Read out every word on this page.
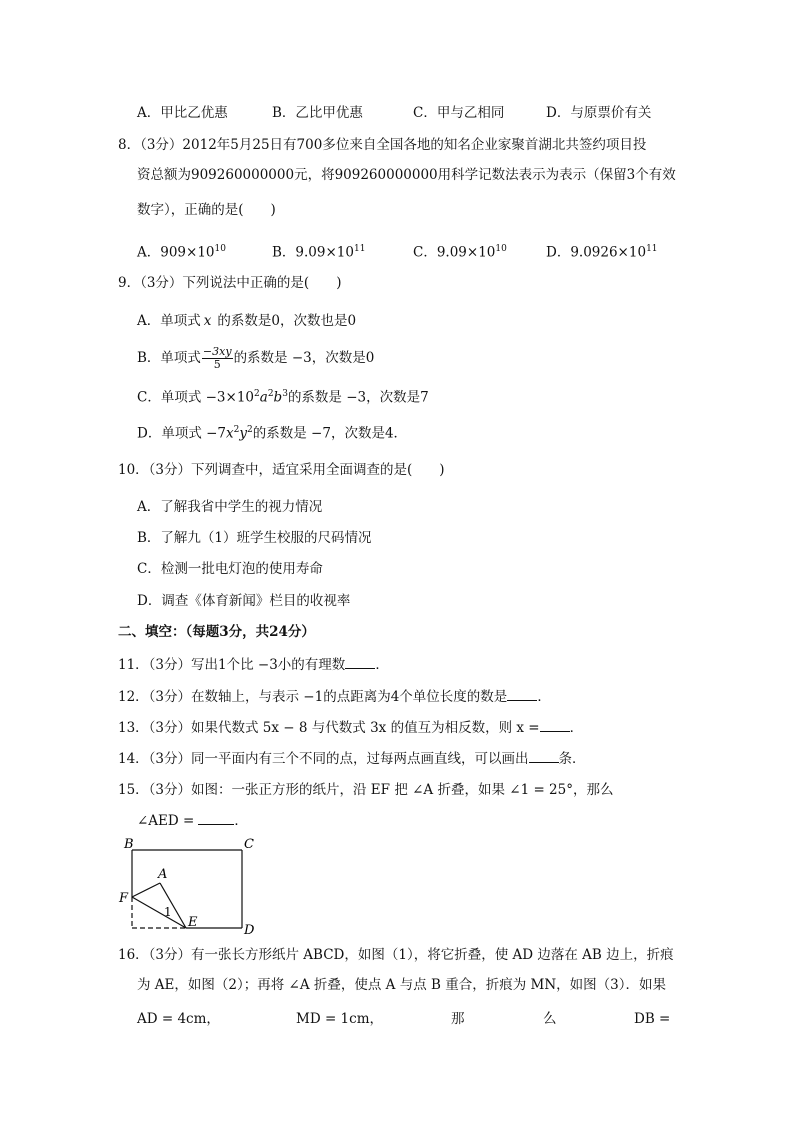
A．甲比乙优惠	B．乙比甲优惠	C．甲与乙相同	D．与原票价有关
8．（3分）2012年5月25日有700多位来自全国各地的知名企业家聚首湖北共签约项目投
资总额为909260000000元，将909260000000用科学记数法表示为表示（保留3个有效
数字），正确的是(　　)
A．$909\times 10^{10}$	B．$9.09\times 10^{11}$	C．$9.09\times 10^{10}$	D．$9.0926\times 10^{11}$
9．（3分）下列说法中正确的是(　　)
A．单项式 x 的系数是0，次数也是0
B．单项式 $\frac{-3xy}{5}$ 的系数是 −3，次数是0
C．单项式 $-3\times 10^2a^2b^3$的系数是 −3，次数是7
D．单项式 $-7x^2y^2$的系数是 −7，次数是4．
10．（3分）下列调查中，适宜采用全面调查的是(　　)
A．了解我省中学生的视力情况
B．了解九（1）班学生校服的尺码情况
C．检测一批电灯泡的使用寿命
D．调查《体育新闻》栏目的收视率
二、填空：（每题3分，共24分）
11．（3分）写出1个比 −3小的有理数 ．
12．（3分）在数轴上，与表示 −1的点距离为4个单位长度的数是 ．
13．（3分）如果代数式 5x − 8 与代数式 3x 的值互为相反数，则 x = ．
14．（3分）同一平面内有三个不同的点，过每两点画直线，可以画出 条．
15．（3分）如图：一张正方形的纸片，沿 EF 把 ∠A 折叠，如果 ∠1 = 25°，那么
∠AED =	．
B	C
A
F
1
E
D
16．（3分）有一张长方形纸片 ABCD，如图（1），将它折叠，使 AD 边落在 AB 边上，折痕
为 AE，如图（2）；再将 ∠A 折叠，使点 A 与点 B 重合，折痕为 MN，如图（3）．如果
AD = 4cm，	MD = 1cm，	那	么	DB =
